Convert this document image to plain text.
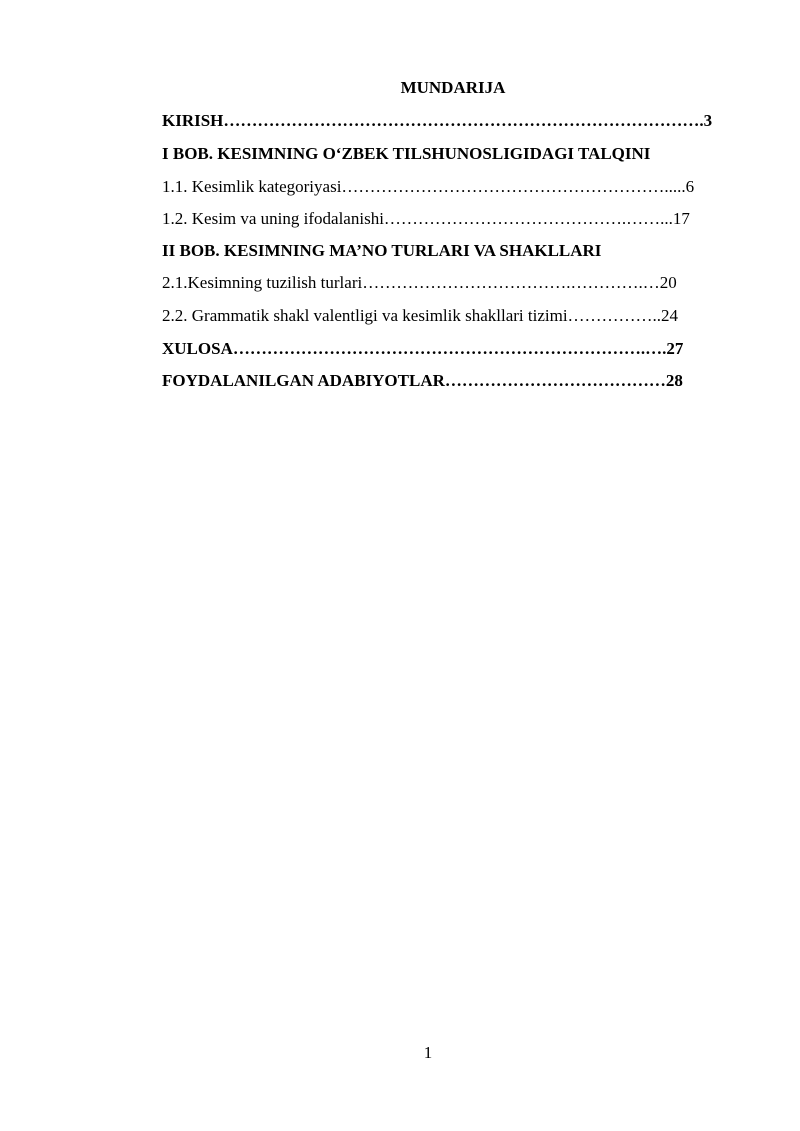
MUNDARIJA
KIRISH………………………………………………………………………….3
I BOB. KESIMNING O‘ZBEK TILSHUNOSLIGIDAGI TALQINI
1.1. Kesimlik kategoriyasi………………………………………………….....6
1.2. Kesim va uning ifodalanishi…………………………………….……...17
II BOB. KESIMNING MA’NO TURLARI VA SHAKLLARI
2.1.Kesimning tuzilish turlari……………………………….………….…20
2.2. Grammatik shakl valentligi va kesimlik shakllari tizimi……………..24
XULOSA……………………………………………………………….….27
FOYDALANILGAN ADABIYOTLAR…………………………………28
1
